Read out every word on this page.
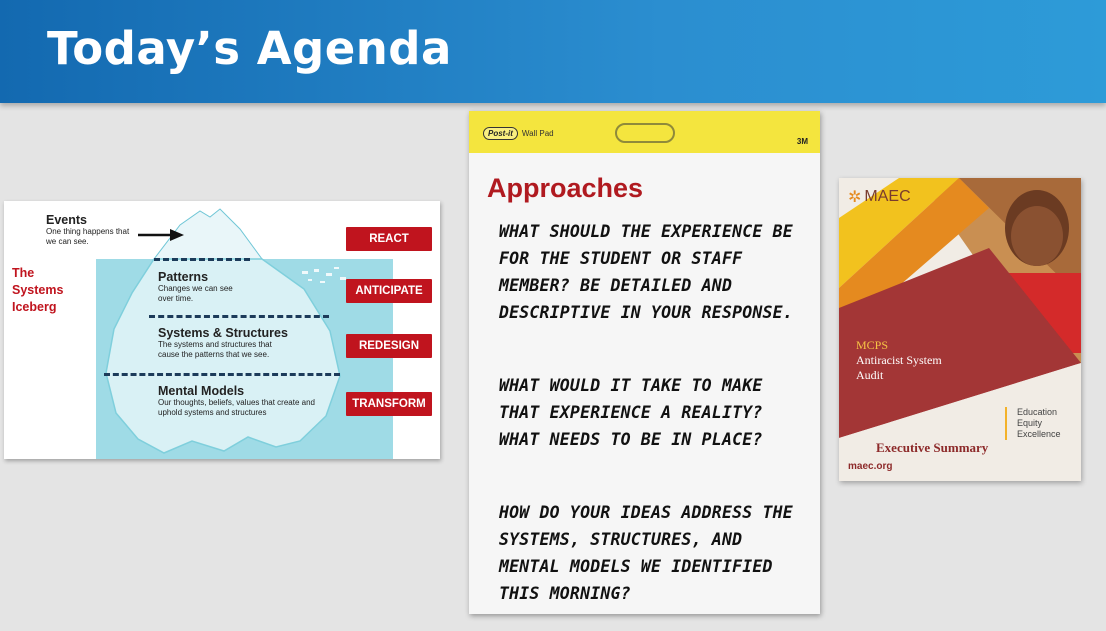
Today’s Agenda
The
Systems
Iceberg
Events
One thing happens that we can see.
Patterns
Changes we can see over time.
Systems & Structures
The systems and structures that cause the patterns that we see.
Mental Models
Our thoughts, beliefs, values that create and uphold systems and structures
REACT
ANTICIPATE
REDESIGN
TRANSFORM
Post-it	Wall Pad
3M
Approaches
WHAT SHOULD THE EXPERIENCE BE FOR THE STUDENT OR STAFF MEMBER? BE DETAILED AND DESCRIPTIVE IN YOUR RESPONSE.
WHAT WOULD IT TAKE TO MAKE THAT EXPERIENCE A REALITY? WHAT NEEDS TO BE IN PLACE?
HOW DO YOUR IDEAS ADDRESS THE SYSTEMS, STRUCTURES, AND MENTAL MODELS WE IDENTIFIED THIS MORNING?
✲ MAEC
MCPS
Antiracist System
Audit
Education
Equity
Excellence
Executive Summary
maec.org
